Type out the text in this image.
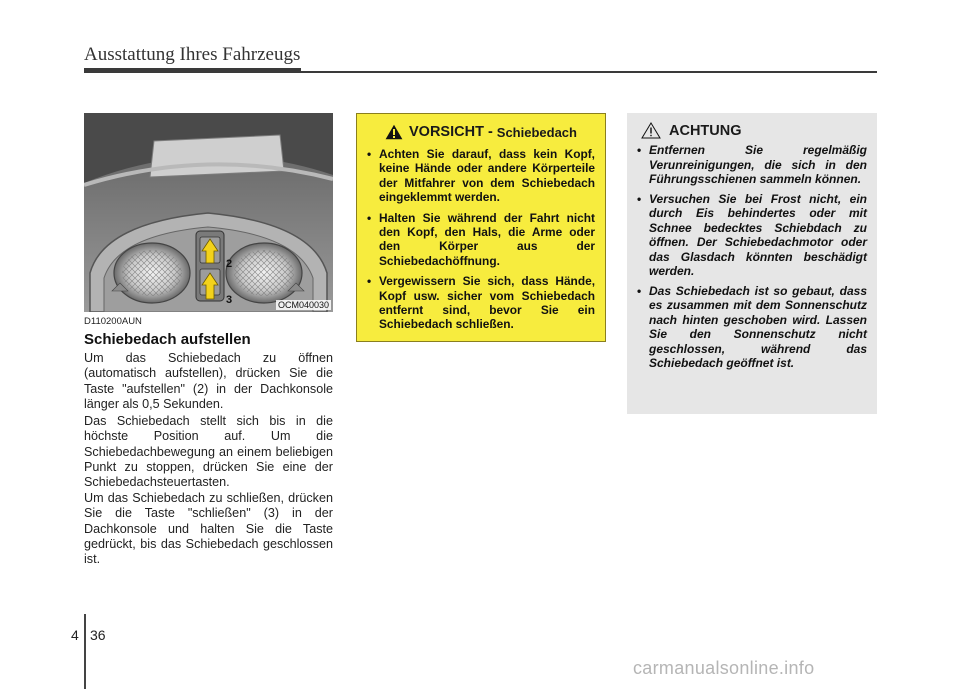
Ausstattung Ihres Fahrzeugs
2
3	OCM040030
D110200AUN
Schiebedach aufstellen

Um das Schiebedach zu öffnen (automatisch aufstellen), drücken Sie die Taste "aufstellen" (2) in der Dachkonsole länger als 0,5 Sekunden.

Das Schiebedach stellt sich bis in die höchste Position auf. Um die Schiebedachbewegung an einem beliebigen Punkt zu stoppen, drücken Sie eine der Schiebedachsteuertasten.

Um das Schiebedach zu schließen, drücken Sie die Taste "schließen" (3) in der Dachkonsole und halten Sie die Taste gedrückt, bis das Schiebedach geschlossen ist.

VORSICHT - Schiebedach
• Achten Sie darauf, dass kein Kopf, keine Hände oder andere Körperteile der Mitfahrer von dem Schiebedach eingeklemmt werden.
• Halten Sie während der Fahrt nicht den Kopf, den Hals, die Arme oder den Körper aus der Schiebedachöffnung.
• Vergewissern Sie sich, dass Hände, Kopf usw. sicher vom Schiebedach entfernt sind, bevor Sie ein Schiebedach schließen.
ACHTUNG
• Entfernen Sie regelmäßig Verunreinigungen, die sich in den Führungsschienen sammeln können.
• Versuchen Sie bei Frost nicht, ein durch Eis behindertes oder mit Schnee bedecktes Schiebdach zu öffnen. Der Schiebedachmotor oder das Glasdach könnten beschädigt werden.
• Das Schiebedach ist so gebaut, dass es zusammen mit dem Sonnenschutz nach hinten geschoben wird. Lassen Sie den Sonnenschutz nicht geschlossen, während das Schiebedach geöffnet ist.
4 36
carmanualsonline.info
